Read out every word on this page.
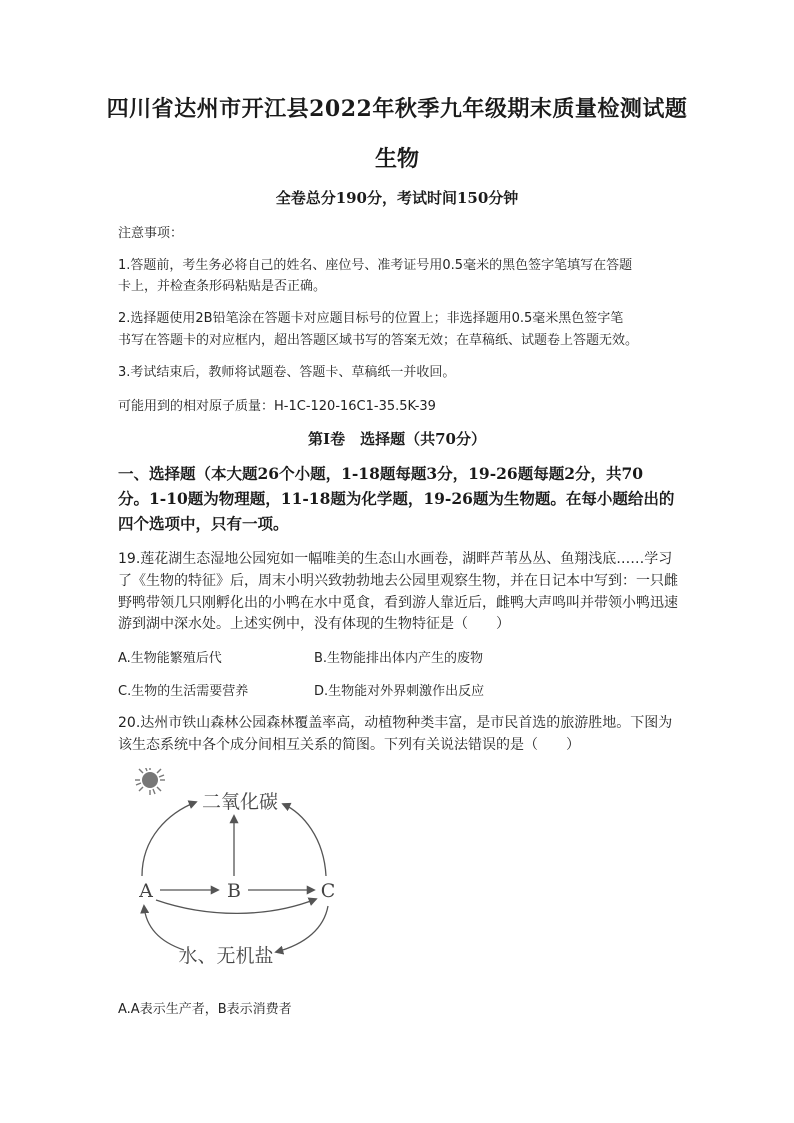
四川省达州市开江县2022年秋季九年级期末质量检测试题
生物
全卷总分190分，考试时间150分钟
注意事项：
1.答题前，考生务必将自己的姓名、座位号、准考证号用0.5毫米的黑色签字笔填写在答题
卡上，并检查条形码粘贴是否正确。
2.选择题使用2B铅笔涂在答题卡对应题目标号的位置上；非选择题用0.5毫米黑色签字笔
书写在答题卡的对应框内，超出答题区域书写的答案无效；在草稿纸、试题卷上答题无效。
3.考试结束后，教师将试题卷、答题卡、草稿纸一并收回。
可能用到的相对原子质量：H-1C-120-16C1-35.5K-39
第Ⅰ卷　选择题（共70分）
一、选择题（本大题26个小题，1-18题每题3分，19-26题每题2分，共70
分。1-10题为物理题，11-18题为化学题，19-26题为生物题。在每小题给出的
四个选项中，只有一项。
19.莲花湖生态湿地公园宛如一幅唯美的生态山水画卷，湖畔芦苇丛丛、鱼翔浅底……学习
了《生物的特征》后，周末小明兴致勃勃地去公园里观察生物，并在日记本中写到：一只雌
野鸭带领几只刚孵化出的小鸭在水中觅食，看到游人靠近后，雌鸭大声鸣叫并带领小鸭迅速
游到湖中深水处。上述实例中，没有体现的生物特征是（　　）
A.生物能繁殖后代	B.生物能排出体内产生的废物
C.生物的生活需要营养	D.生物能对外界刺激作出反应
20.达州市铁山森林公园森林覆盖率高，动植物种类丰富，是市民首选的旅游胜地。下图为
该生态系统中各个成分间相互关系的简图。下列有关说法错误的是（　　）
二氧化碳
A	B	C
水、无机盐
A.A表示生产者，B表示消费者
